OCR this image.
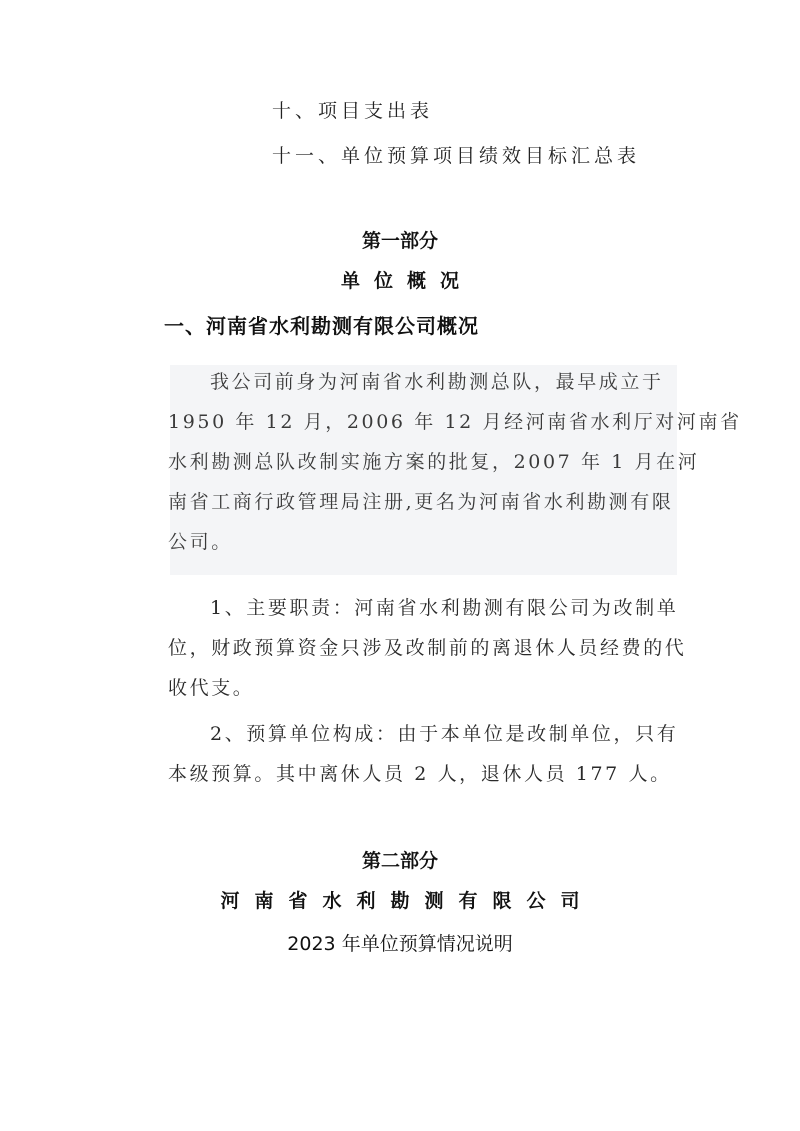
十、项目支出表
十一、单位预算项目绩效目标汇总表
第一部分
单位概况
一、河南省水利勘测有限公司概况
我公司前身为河南省水利勘测总队，最早成立于
1950 年 12 月，2006 年 12 月经河南省水利厅对河南省
水利勘测总队改制实施方案的批复，2007 年 1 月在河
南省工商行政管理局注册,更名为河南省水利勘测有限
公司。
1、主要职责：河南省水利勘测有限公司为改制单
位，财政预算资金只涉及改制前的离退休人员经费的代
收代支。
2、预算单位构成：由于本单位是改制单位，只有
本级预算。其中离休人员 2 人，退休人员 177 人。
第二部分
河南省水利勘测有限公司
2023 年单位预算情况说明
